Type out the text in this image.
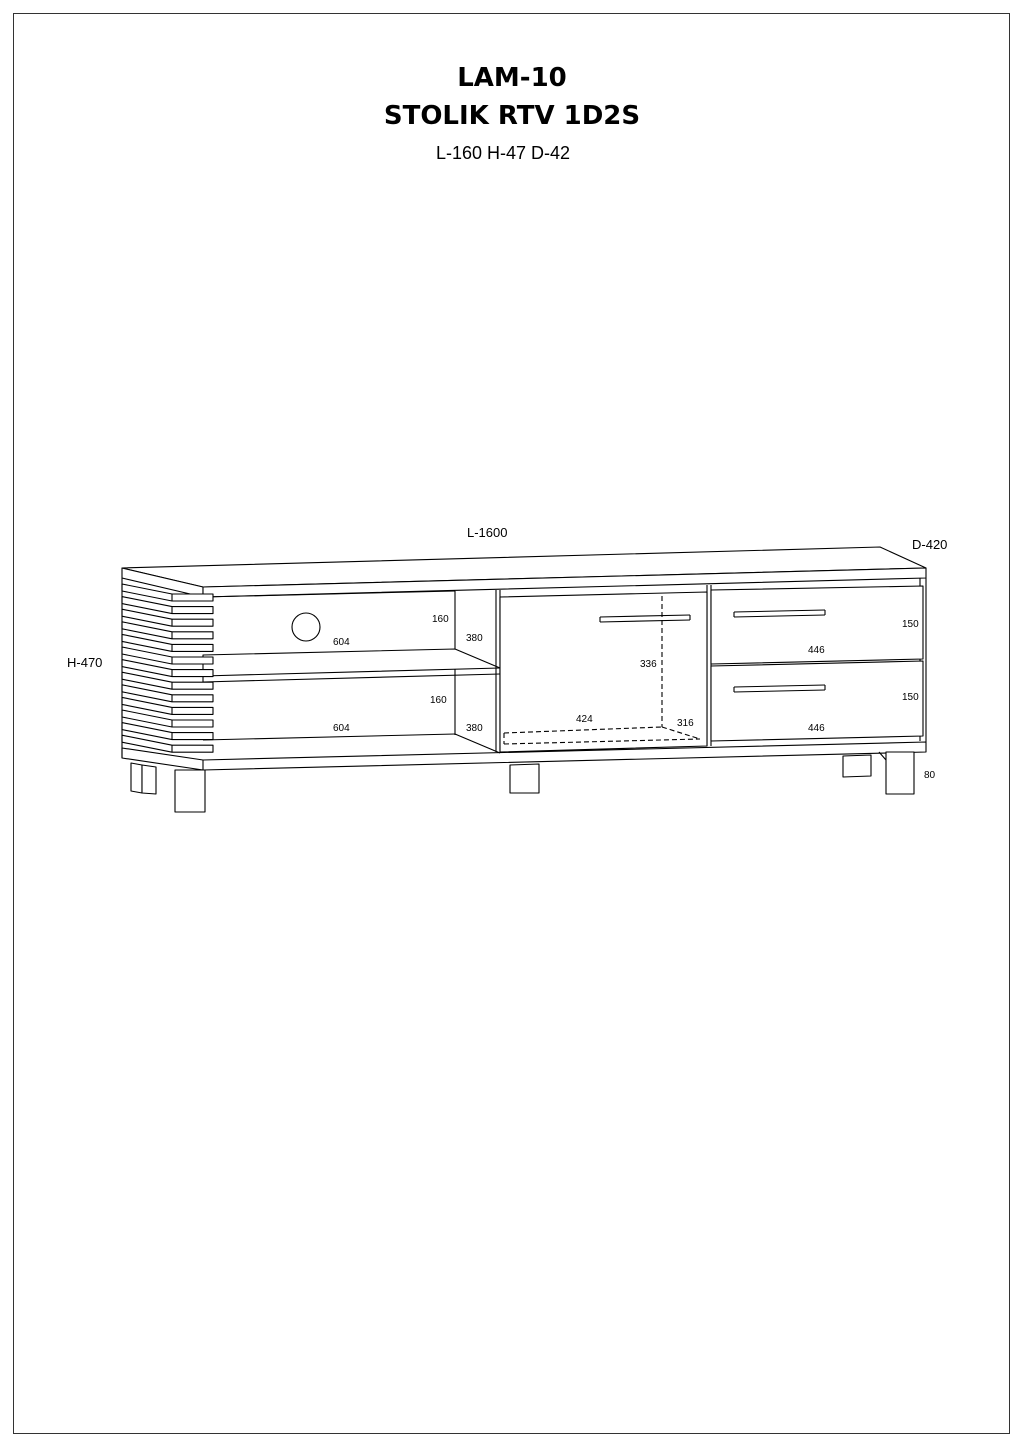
LAM-10
STOLIK RTV 1D2S
L-160 H-47 D-42
L-1600
D-420
H-470
604
160
380
604
160
380
336
424	316
150
446
150
446
80
